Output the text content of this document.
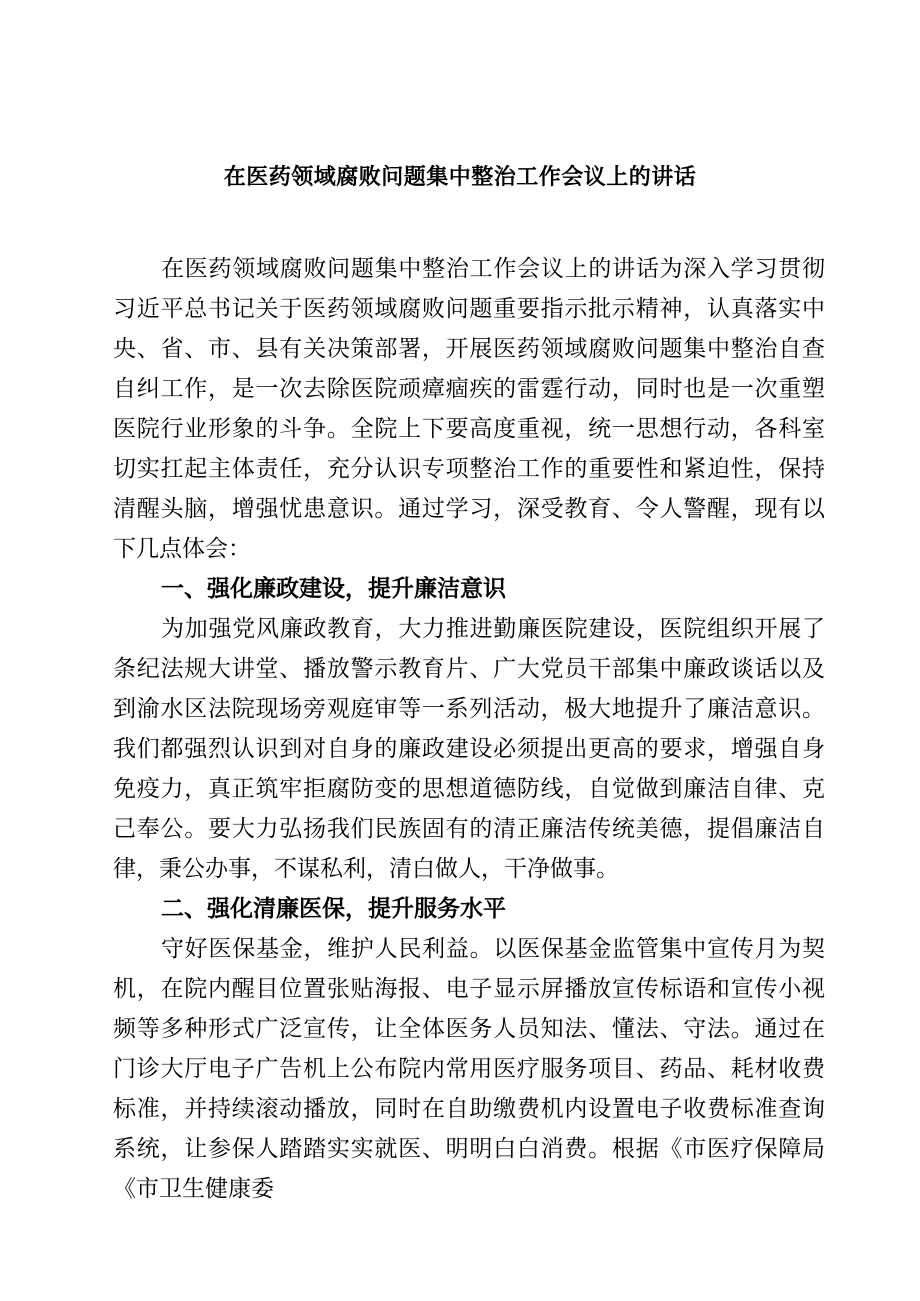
在医药领域腐败问题集中整治工作会议上的讲话

在医药领域腐败问题集中整治工作会议上的讲话为深入学习贯彻习近平总书记关于医药领域腐败问题重要指示批示精神，认真落实中央、省、市、县有关决策部署，开展医药领域腐败问题集中整治自查自纠工作，是一次去除医院顽瘴痼疾的雷霆行动，同时也是一次重塑医院行业形象的斗争。全院上下要高度重视，统一思想行动，各科室切实扛起主体责任，充分认识专项整治工作的重要性和紧迫性，保持清醒头脑，增强忧患意识。通过学习，深受教育、令人警醒，现有以下几点体会：

一、强化廉政建设，提升廉洁意识

为加强党风廉政教育，大力推进勤廉医院建设，医院组织开展了条纪法规大讲堂、播放警示教育片、广大党员干部集中廉政谈话以及到渝水区法院现场旁观庭审等一系列活动，极大地提升了廉洁意识。我们都强烈认识到对自身的廉政建设必须提出更高的要求，增强自身免疫力，真正筑牢拒腐防变的思想道德防线，自觉做到廉洁自律、克己奉公。要大力弘扬我们民族固有的清正廉洁传统美德，提倡廉洁自律，秉公办事，不谋私利，清白做人，干净做事。

二、强化清廉医保，提升服务水平

守好医保基金，维护人民利益。以医保基金监管集中宣传月为契机，在院内醒目位置张贴海报、电子显示屏播放宣传标语和宣传小视频等多种形式广泛宣传，让全体医务人员知法、懂法、守法。通过在门诊大厅电子广告机上公布院内常用医疗服务项目、药品、耗材收费标准，并持续滚动播放，同时在自助缴费机内设置电子收费标准查询系统，让参保人踏踏实实就医、明明白白消费。根据《市医疗保障局《市卫生健康委
